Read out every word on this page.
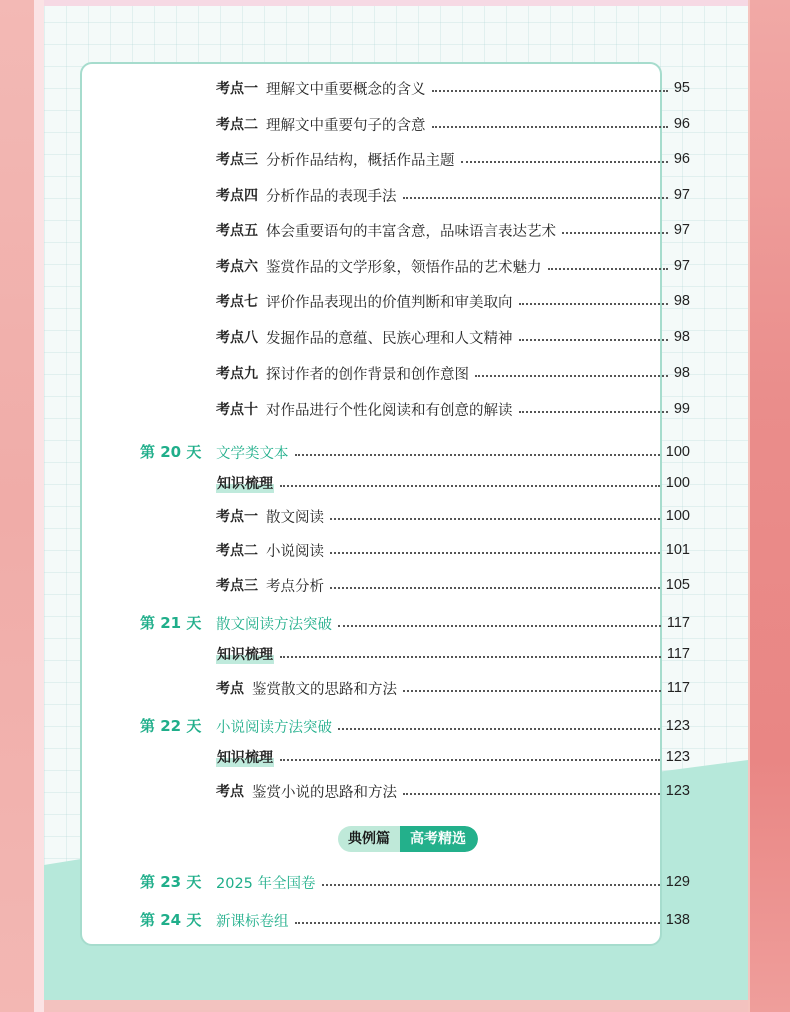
考点一 理解文中重要概念的含义	95
考点二 理解文中重要句子的含意	96
考点三 分析作品结构，概括作品主题	96
考点四 分析作品的表现手法	97
考点五 体会重要语句的丰富含意，品味语言表达艺术	97
考点六 鉴赏作品的文学形象，领悟作品的艺术魅力	97
考点七 评价作品表现出的价值判断和审美取向	98
考点八 发掘作品的意蕴、民族心理和人文精神	98
考点九 探讨作者的创作背景和创作意图	98
考点十 对作品进行个性化阅读和有创意的解读	99
第 20 天	文学类文本	100
知识梳理	100
考点一 散文阅读	100
考点二 小说阅读	101
考点三 考点分析	105
第 21 天	散文阅读方法突破	117
知识梳理	117
考点 鉴赏散文的思路和方法	117
第 22 天	小说阅读方法突破	123
知识梳理	123
考点 鉴赏小说的思路和方法	123
第 23 天	2025 年全国卷	129
第 24 天	新课标卷组	138
典例篇	高考精选
